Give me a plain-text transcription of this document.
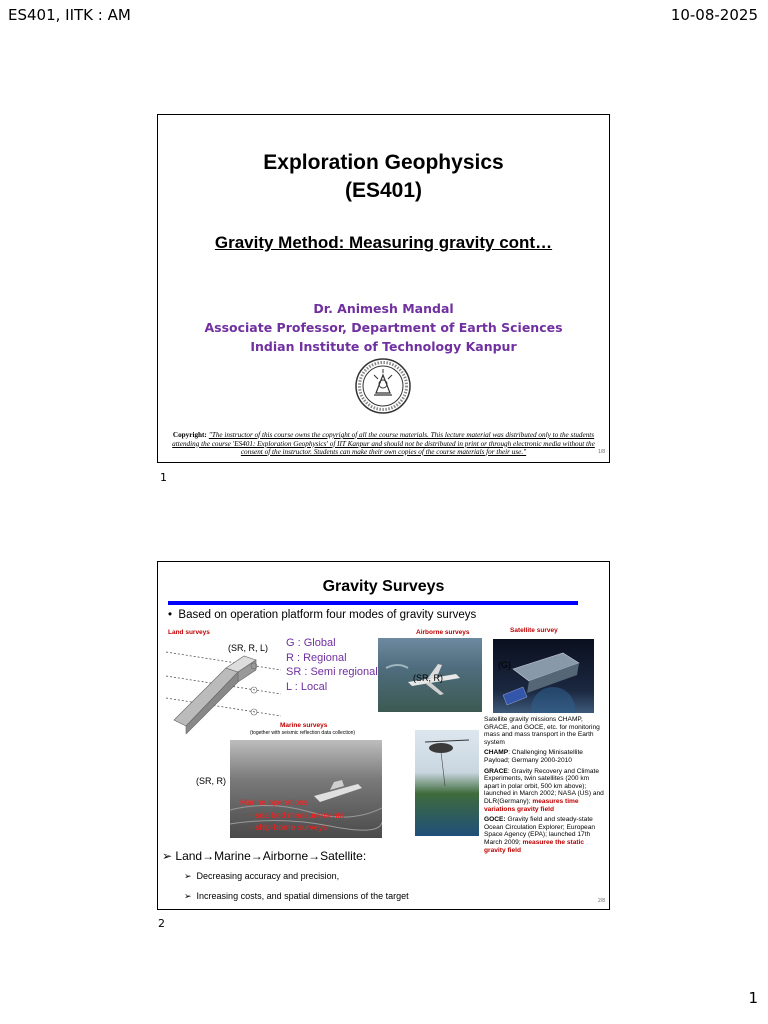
ES401, IITK : AM	10-08-2025
Exploration Geophysics
(ES401)
Gravity Method: Measuring gravity cont…
Dr. Animesh Mandal
Associate Professor, Department of Earth Sciences
Indian Institute of Technology Kanpur
Copyright: "The instructor of this course owns the copyright of all the course materials. This lecture material was distributed only to the students attending the course 'ES401: Exploration Geophysics' of IIT Kanpur and should not be distributed in print or through electronic media without the consent of the instructor. Students can make their own copies of the course materials for their use."	1/8
1
Gravity Surveys
•  Based on operation platform four modes of gravity surveys
Land surveys
(SR, R, L) G : Global
R : Regional
SR : Semi regional
L : Local
Airborne surveys
(SR, R)
Satellite survey
(G)

Satellite gravity missions CHAMP, GRACE, and GOCE, etc. for monitoring mass and mass transport in the Earth system

CHAMP: Challenging Minisatellite Payload; Germany 2000-2010

GRACE: Gravity Recovery and Climate Experiments, twin satellites (200 km apart in polar orbit, 500 km above); launched in March 2002; NASA (US) and DLR(Germany); measures time variations gravity field

GOCE: Gravity field and steady-state Ocean Circulation Explorer; European Space Agency (EPA); launched 17th March 2009; measuree the static gravity field

Marine surveys
(together with seismic reflection data collection)
Marine operations
- sea bed measurements
- ship-borne surveys
(SR, R)
➢ Land→Marine→Airborne→Satellite:
➢  Decreasing accuracy and precision,
➢  Increasing costs, and spatial dimensions of the target	2/8
2
1
